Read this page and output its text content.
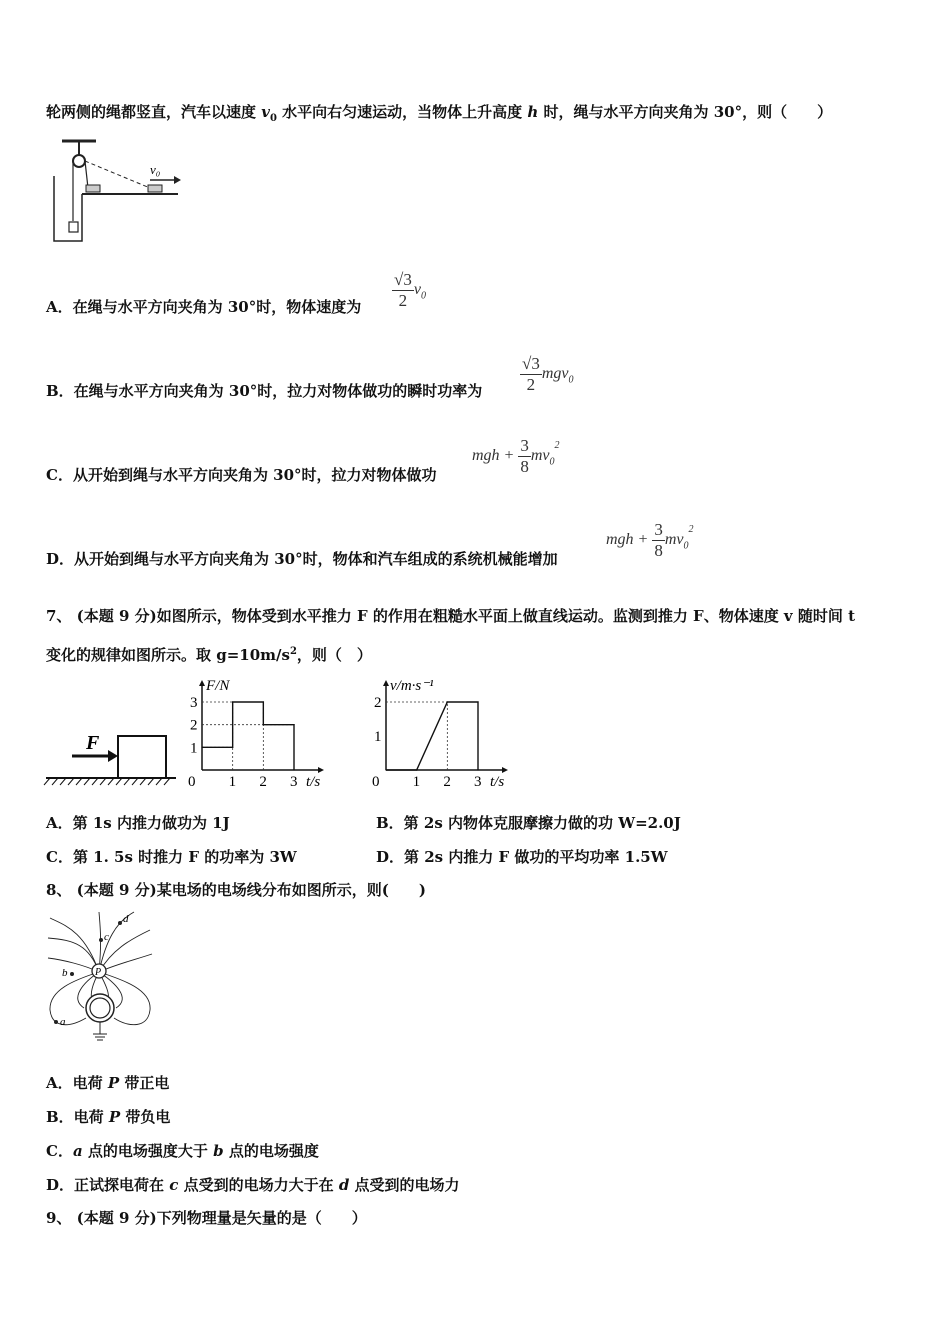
轮两侧的绳都竖直，汽车以速度 $v_0$ 水平向右匀速运动，当物体上升高度 h 时，绳与水平方向夹角为 30°，则（　　）
v₀
A．在绳与水平方向夹角为 30°时，物体速度为 $\frac{√3}{2} v_0$
B．在绳与水平方向夹角为 30°时，拉力对物体做功的瞬时功率为 $\frac{√3}{2} mgv_0$
C．从开始到绳与水平方向夹角为 30°时，拉力对物体做功
mgh + $\frac{3}{8} mv_0^2$
D．从开始到绳与水平方向夹角为 30°时，物体和汽车组成的系统机械能增加
mgh + $\frac{3}{8} mv_0^2$
7、 (本题 9 分)如图所示，物体受到水平推力 F 的作用在粗糙水平面上做直线运动。监测到推力 F、物体速度 v 随时间 t
变化的规律如图所示。取 $g=10m/s^2$，则（　）
F
0 1 2 3
1
2
3
F/N
t/s	0 1 2 3
1
2
v/m·s⁻¹
t/s
A．第 1s 内推力做功为 1J	B．第 2s 内物体克服摩擦力做的功 W=2.0J
C．第 1. 5s 时推力 F 的功率为 3W	D．第 2s 内推力 F 做功的平均功率 1.5W
8、 (本题 9 分)某电场的电场线分布如图所示，则(　　)
P
a
b
c
d
A．电荷 P 带正电
B．电荷 P 带负电
C．a 点的电场强度大于 b 点的电场强度
D．正试探电荷在 c 点受到的电场力大于在 d 点受到的电场力
9、 (本题 9 分)下列物理量是矢量的是（　　）
